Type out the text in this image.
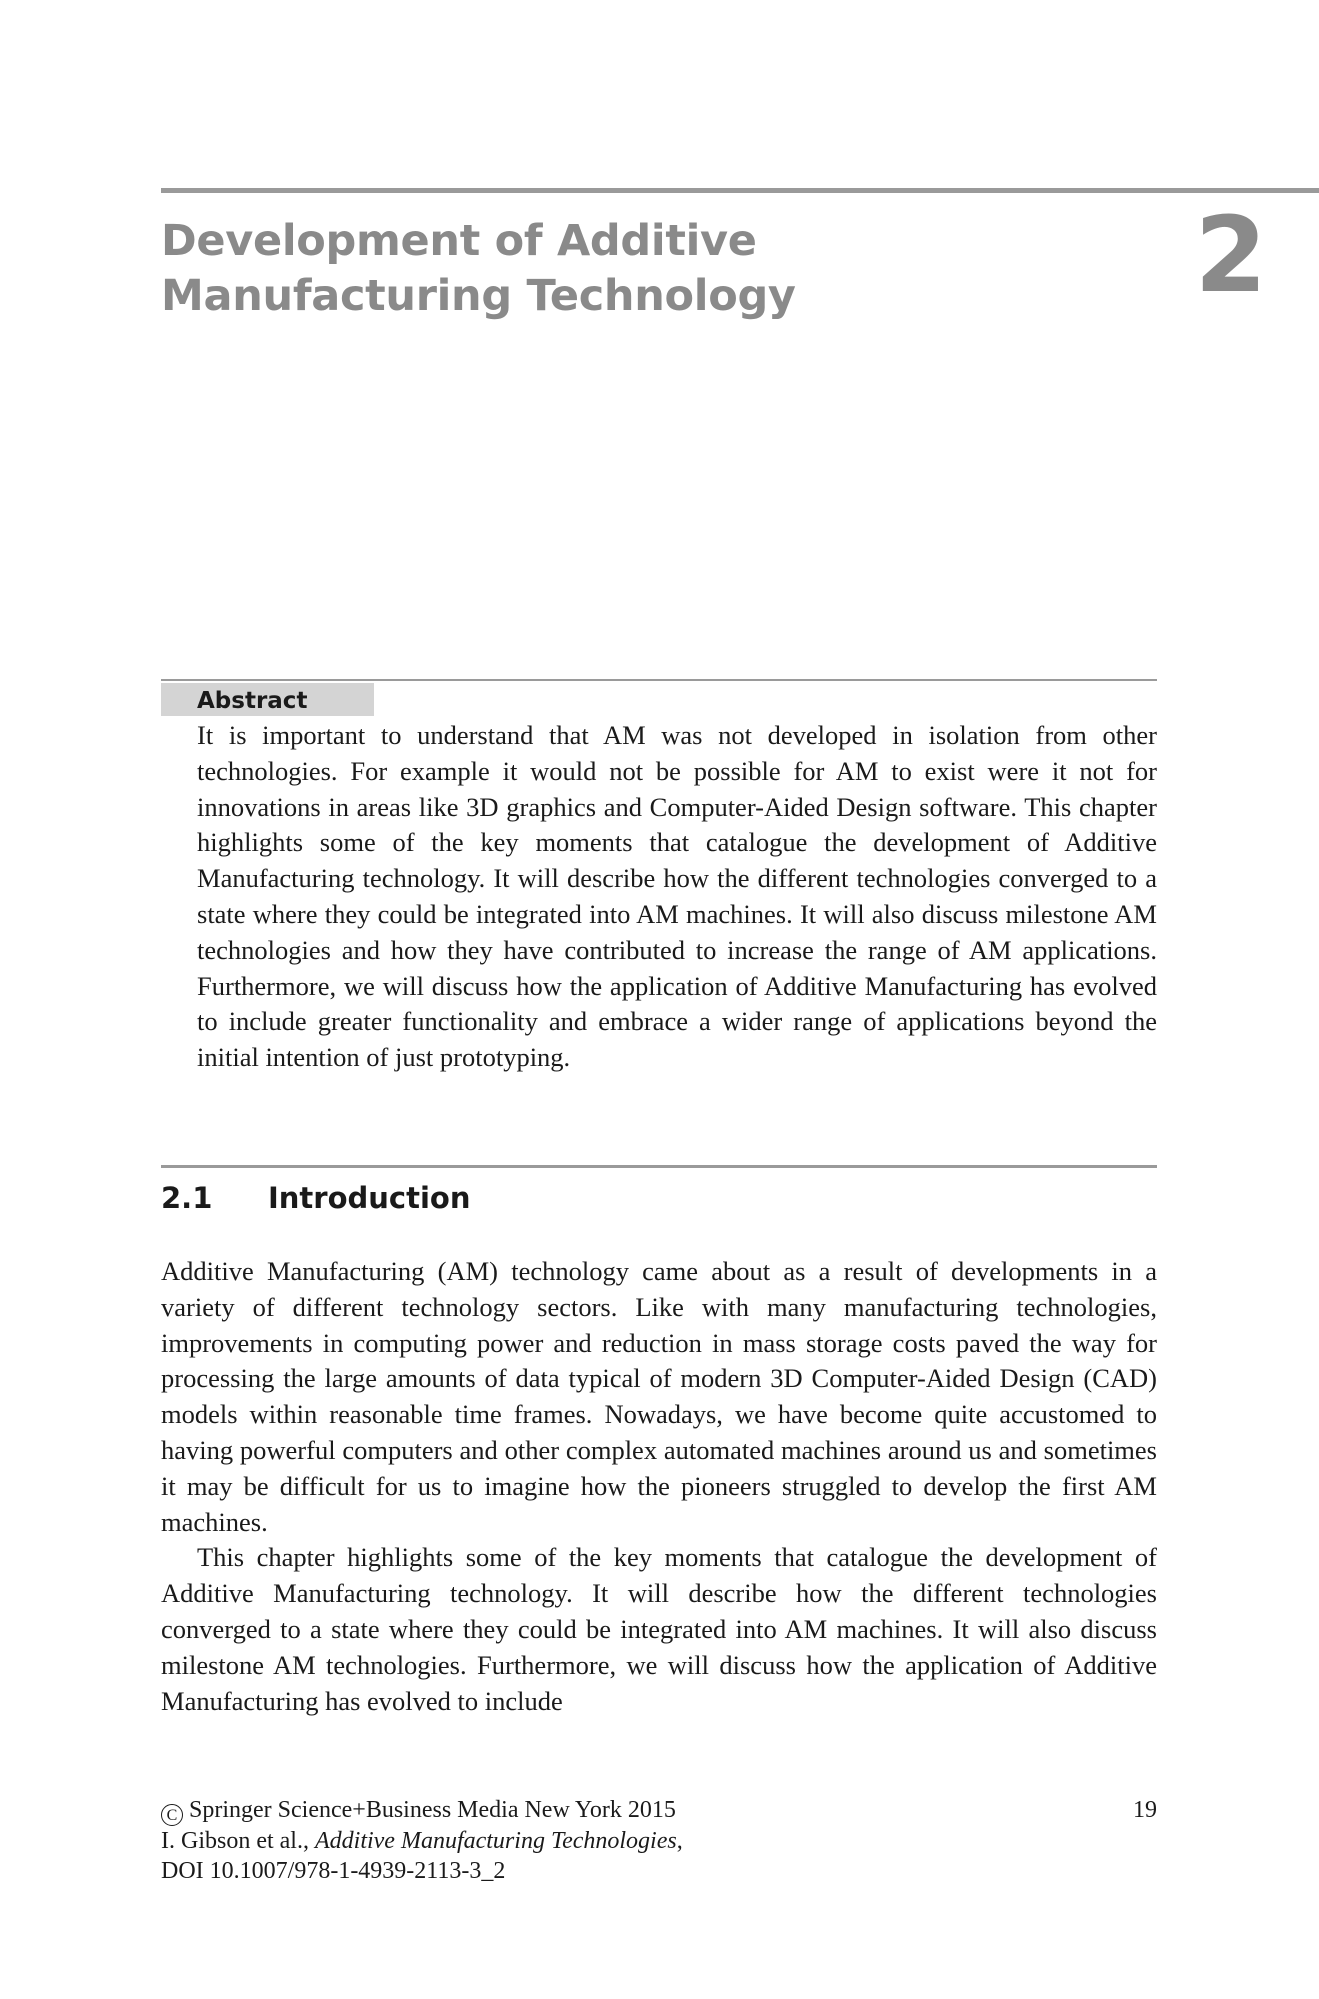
Development of Additive Manufacturing Technology	2
Abstract

It is important to understand that AM was not developed in isolation from other technologies. For example it would not be possible for AM to exist were it not for innovations in areas like 3D graphics and Computer-Aided Design software. This chapter highlights some of the key moments that catalogue the development of Additive Manufacturing technology. It will describe how the different technologies converged to a state where they could be integrated into AM machines. It will also discuss milestone AM technologies and how they have contributed to increase the range of AM applications. Furthermore, we will discuss how the application of Additive Manufacturing has evolved to include greater functionality and embrace a wider range of applications beyond the initial intention of just prototyping.

2.1 Introduction

Additive Manufacturing (AM) technology came about as a result of developments in a variety of different technology sectors. Like with many manufacturing technologies, improvements in computing power and reduction in mass storage costs paved the way for processing the large amounts of data typical of modern 3D Computer-Aided Design (CAD) models within reasonable time frames. Nowadays, we have become quite accustomed to having powerful computers and other complex automated machines around us and sometimes it may be difficult for us to imagine how the pioneers struggled to develop the first AM machines.

This chapter highlights some of the key moments that catalogue the development of Additive Manufacturing technology. It will describe how the different technologies converged to a state where they could be integrated into AM machines. It will also discuss milestone AM technologies. Furthermore, we will discuss how the application of Additive Manufacturing has evolved to include

C Springer Science+Business Media New York 2015
I. Gibson et al., Additive Manufacturing Technologies,
DOI 10.1007/978-1-4939-2113-3_2
19
